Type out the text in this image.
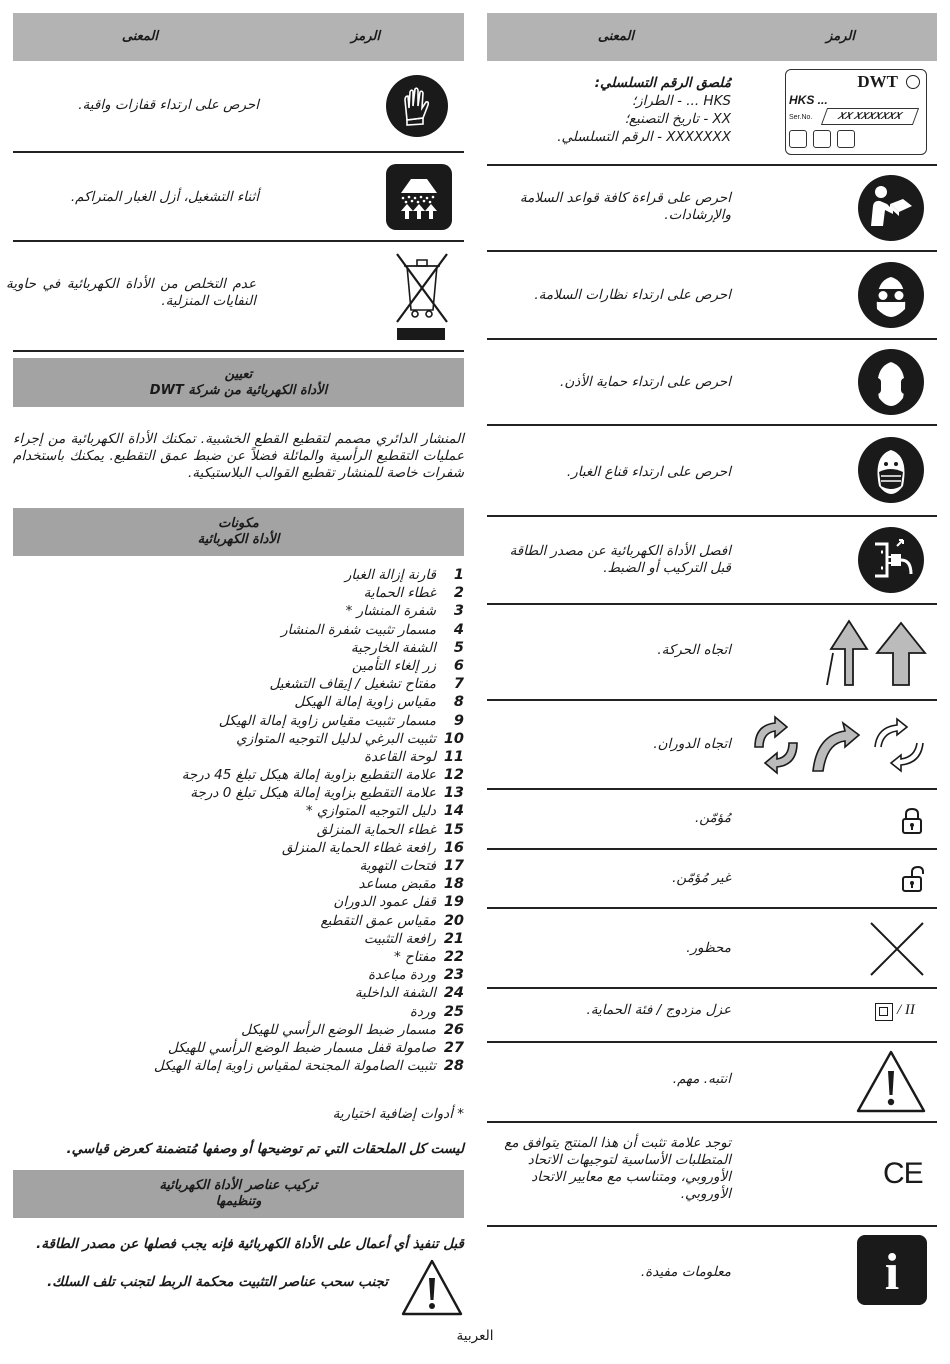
الرمز
المعنى	الرمز
المعنى
احرص على ارتداء قفازات واقية.
أثناء التشغيل، أزل الغبار المتراكم.
عدم التخلص من الأداة الكهربائية في حاوية النفايات المنزلية.
تعيين
الأداة الكهربائية من شركة DWT
المنشار الدائري مصمم لتقطيع القطع الخشبية. تمكنك الأداة الكهربائية من إجراء عمليات التقطيع الرأسية والمائلة فضلاً عن ضبط عمق التقطيع. يمكنك باستخدام شفرات خاصة للمنشار تقطيع القوالب البلاستيكية.
مكونات
الأداة الكهربائية
1
قارنة إزالة الغبار
2
غطاء الحماية
3
شفرة المنشار *
4
مسمار تثبيت شفرة المنشار
5
الشفة الخارجية
6
زر إلغاء التأمين
7
مفتاح تشغيل / إيقاف التشغيل
8
مقياس زاوية إمالة الهيكل
9
مسمار تثبيت مقياس زاوية إمالة الهيكل
10
تثبيت البرغي لدليل التوجيه المتوازي
11
لوحة القاعدة
12
علامة التقطيع بزاوية إمالة هيكل تبلغ 45 درجة
13
علامة التقطيع بزاوية إمالة هيكل تبلغ 0 درجة
14
دليل التوجيه المتوازي *
15
غطاء الحماية المنزلق
16
رافعة غطاء الحماية المنزلق
17
فتحات التهوية
18
مقبض مساعد
19
قفل عمود الدوران
20
مقياس عمق التقطيع
21
رافعة التثبيت
22
مفتاح *
23
وردة مباعدة
24
الشفة الداخلية
25
وردة
26
مسمار ضبط الوضع الرأسي للهيكل
27
صامولة قفل مسمار ضبط الوضع الرأسي للهيكل
28
تثبيت الصامولة المجنحة لمقياس زاوية إمالة الهيكل
* أدوات إضافية اختيارية
ليست كل الملحقات التي تم توضيحها أو وصفها مُتضمنة كعرض قياسي.
تركيب عناصر الأداة الكهربائية
وتنظيمها
قبل تنفيذ أي أعمال على الأداة الكهربائية فإنه يجب فصلها عن مصدر الطاقة.
تجنب سحب عناصر التثبيت محكمة الربط لتجنب تلف السلك.
DWT
HKS ...
Ser.No.	XX XXXXXXX
مُلصق الرقم التسلسلي:
HKS ... - الطراز؛
XX - تاريخ التصنيع؛
XXXXXXX - الرقم التسلسلي.
احرص على قراءة كافة قواعد السلامة والإرشادات.
احرص على ارتداء نظارات السلامة.
احرص على ارتداء حماية الأذن.
احرص على ارتداء قناع الغبار.
افصل الأداة الكهربائية عن مصدر الطاقة قبل التركيب أو الضبط.
اتجاه الحركة.
اتجاه الدوران.
مُؤمّن.
غير مُؤمّن.
محظور.
/ II
عزل مزدوج / فئة الحماية.
انتبه. مهم.
CE
توجد علامة تثبت أن هذا المنتج يتوافق مع المتطلبات الأساسية لتوجيهات الاتحاد الأوروبي، ومتناسب مع معايير الاتحاد الأوروبي.
i
معلومات مفيدة.
العربية
